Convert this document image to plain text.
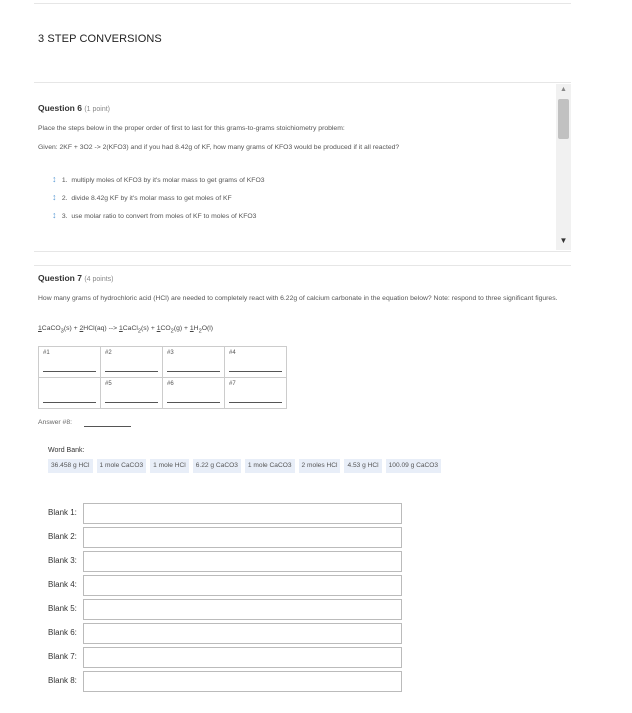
3 STEP CONVERSIONS
Question 6 (1 point)
Place the steps below in the proper order of first to last for this grams-to-grams stoichiometry problem:
Given: 2KF + 3O2 -> 2(KFO3) and if you had 8.42g of KF, how many grams of KFO3 would be produced if it all reacted?
↕ 1. multiply moles of KFO3 by it's molar mass to get grams of KFO3
↕ 2. divide 8.42g KF by it's molar mass to get moles of KF
↕ 3. use molar ratio to convert from moles of KF to moles of KFO3
▲
▼
Question 7 (4 points)
How many grams of hydrochloric acid (HCl) are needed to completely react with 6.22g of calcium carbonate in the equation below? Note: respond to three significant figures.
1CaCO$_3$(s) + 2HCl(aq) --> 1CaCl$_2$(s) + $1CO_2(g) + 1H_2O(l)$
#1	#2	#3	#4

	#5	#6	#7
Answer #8:
Word Bank:
36.458 g HCl	1 mole CaCO3	1 mole HCl	6.22 g CaCO3	1 mole CaCO3	2 moles HCl	4.53 g HCl	100.09 g CaCO3
Blank 1:
Blank 2:
Blank 3:
Blank 4:
Blank 5:
Blank 6:
Blank 7:
Blank 8:
